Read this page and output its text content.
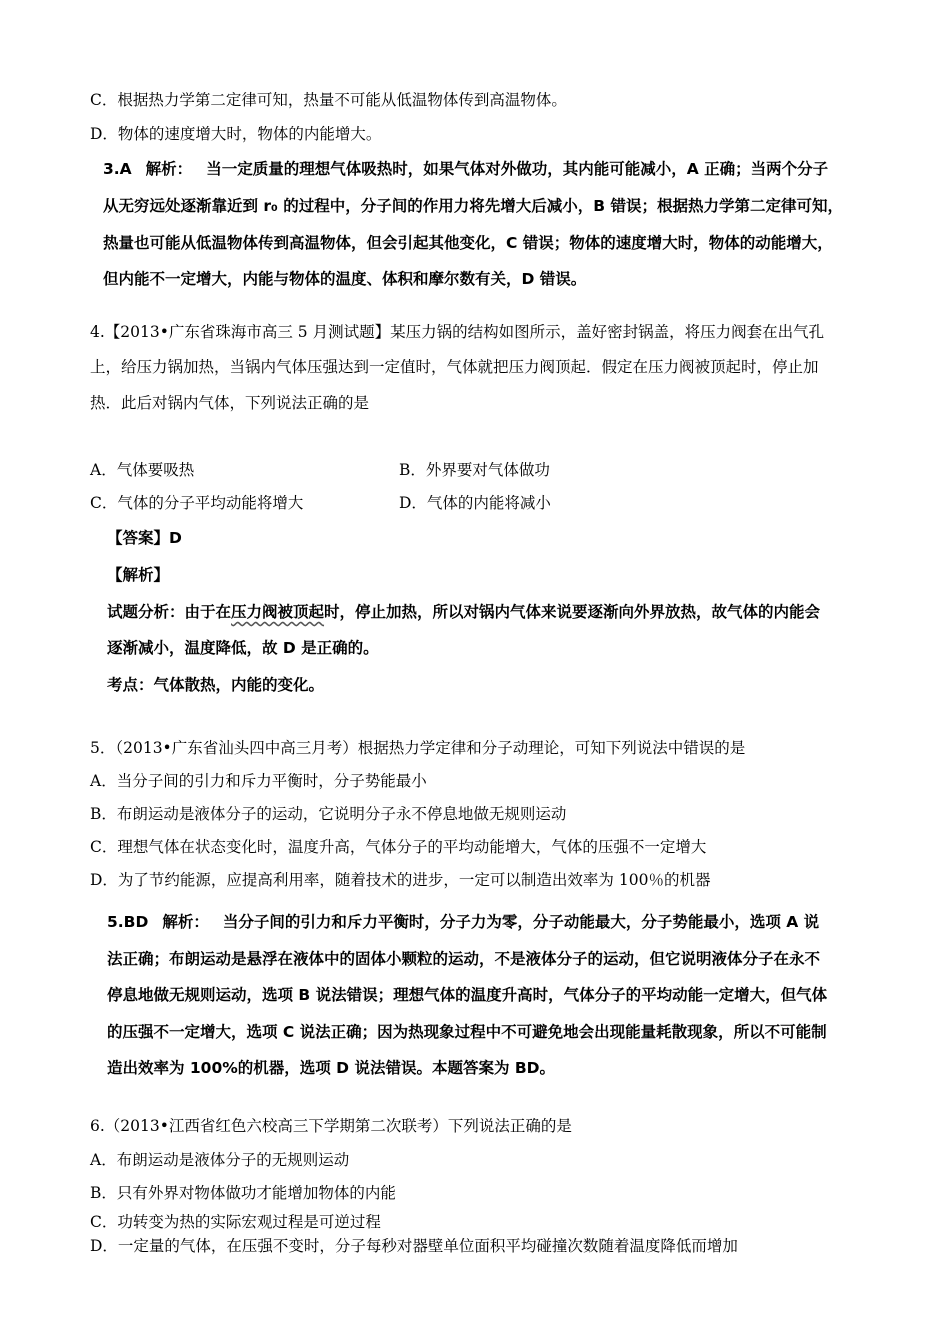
C．根据热力学第二定律可知，热量不可能从低温物体传到高温物体。
D．物体的速度增大时，物体的内能增大。
3.A 解析： 当一定质量的理想气体吸热时，如果气体对外做功，其内能可能减小，A 正确；当两个分子
从无穷远处逐渐靠近到 r₀ 的过程中，分子间的作用力将先增大后减小，B 错误；根据热力学第二定律可知，
热量也可能从低温物体传到高温物体，但会引起其他变化，C 错误；物体的速度增大时，物体的动能增大，
但内能不一定增大，内能与物体的温度、体积和摩尔数有关，D 错误。
4.【2013•广东省珠海市高三 5 月测试题】某压力锅的结构如图所示，盖好密封锅盖，将压力阀套在出气孔
上，给压力锅加热，当锅内气体压强达到一定值时，气体就把压力阀顶起．假定在压力阀被顶起时，停止加
热．此后对锅内气体，下列说法正确的是
A．气体要吸热	B．外界要对气体做功
C．气体的分子平均动能将增大	D．气体的内能将减小
【答案】D
【解析】
试题分析：由于在压力阀被顶起时，停止加热，所以对锅内气体来说要逐渐向外界放热，故气体的内能会
逐渐减小，温度降低，故 D 是正确的。
考点：气体散热，内能的变化。
5．（2013•广东省汕头四中高三月考）根据热力学定律和分子动理论，可知下列说法中错误的是
A．当分子间的引力和斥力平衡时，分子势能最小
B．布朗运动是液体分子的运动，它说明分子永不停息地做无规则运动
C．理想气体在状态变化时，温度升高，气体分子的平均动能增大，气体的压强不一定增大
D．为了节约能源，应提高利用率，随着技术的进步，一定可以制造出效率为 100％的机器
5.BD 解析： 当分子间的引力和斥力平衡时，分子力为零，分子动能最大，分子势能最小，选项 A 说
法正确；布朗运动是悬浮在液体中的固体小颗粒的运动，不是液体分子的运动，但它说明液体分子在永不
停息地做无规则运动，选项 B 说法错误；理想气体的温度升高时，气体分子的平均动能一定增大，但气体
的压强不一定增大，选项 C 说法正确；因为热现象过程中不可避免地会出现能量耗散现象，所以不可能制
造出效率为 100%的机器，选项 D 说法错误。本题答案为 BD。
6.（2013•江西省红色六校高三下学期第二次联考）下列说法正确的是
A．布朗运动是液体分子的无规则运动
B．只有外界对物体做功才能增加物体的内能
C．功转变为热的实际宏观过程是可逆过程
D．一定量的气体，在压强不变时，分子每秒对器壁单位面积平均碰撞次数随着温度降低而增加
